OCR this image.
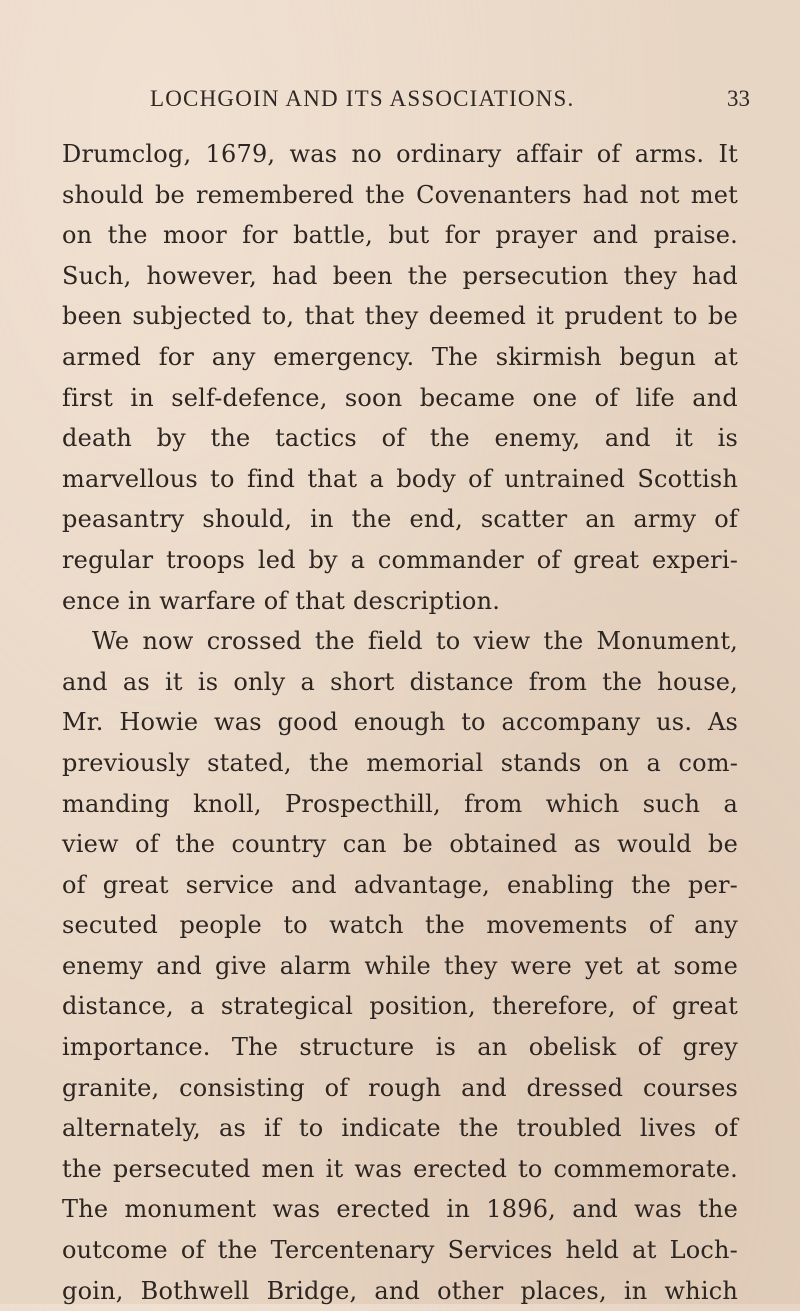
LOCHGOIN AND ITS ASSOCIATIONS.	33
Drumclog, 1679, was no ordinary affair of arms. It
should be remembered the Covenanters had not met
on the moor for battle, but for prayer and praise.
Such, however, had been the persecution they had
been subjected to, that they deemed it prudent to be
armed for any emergency. The skirmish begun at
first in self-defence, soon became one of life and
death by the tactics of the enemy, and it is
marvellous to find that a body of untrained Scottish
peasantry should, in the end, scatter an army of
regular troops led by a commander of great experi-
ence in warfare of that description.
We now crossed the field to view the Monument,
and as it is only a short distance from the house,
Mr. Howie was good enough to accompany us. As
previously stated, the memorial stands on a com-
manding knoll, Prospecthill, from which such a
view of the country can be obtained as would be
of great service and advantage, enabling the per-
secuted people to watch the movements of any
enemy and give alarm while they were yet at some
distance, a strategical position, therefore, of great
importance. The structure is an obelisk of grey
granite, consisting of rough and dressed courses
alternately, as if to indicate the troubled lives of
the persecuted men it was erected to commemorate.
The monument was erected in 1896, and was the
outcome of the Tercentenary Services held at Loch-
goin, Bothwell Bridge, and other places, in which
